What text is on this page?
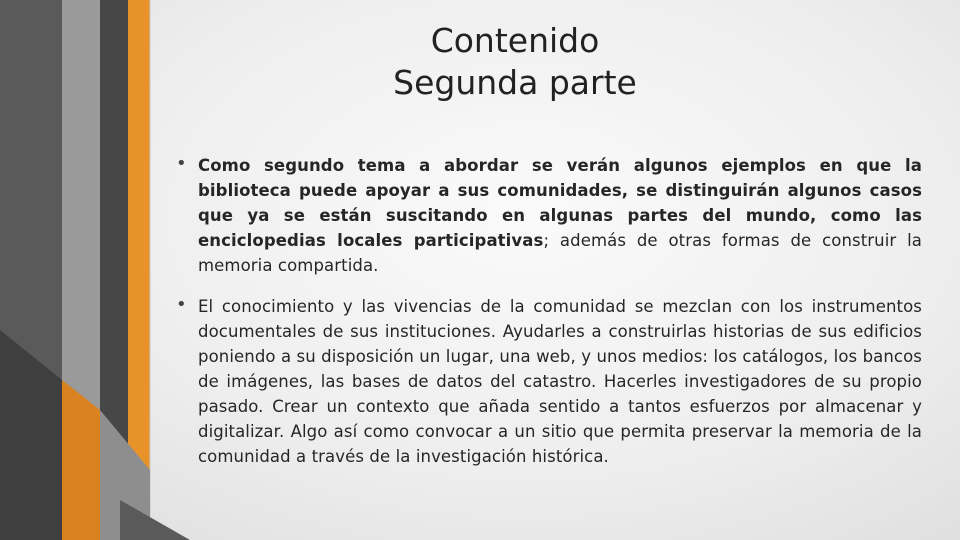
Contenido
Segunda parte
• Como segundo tema a abordar se verán algunos ejemplos en que la biblioteca puede apoyar a sus comunidades, se distinguirán algunos casos que ya se están suscitando en algunas partes del mundo, como las enciclopedias locales participativas; además de otras formas de construir la memoria compartida.
• El conocimiento y las vivencias de la comunidad se mezclan con los instrumentos documentales de sus instituciones. Ayudarles a construirlas historias de sus edificios poniendo a su disposición un lugar, una web, y unos medios: los catálogos, los bancos de imágenes, las bases de datos del catastro. Hacerles investigadores de su propio pasado. Crear un contexto que añada sentido a tantos esfuerzos por almacenar y digitalizar. Algo así como convocar a un sitio que permita preservar la memoria de la comunidad a través de la investigación histórica.
